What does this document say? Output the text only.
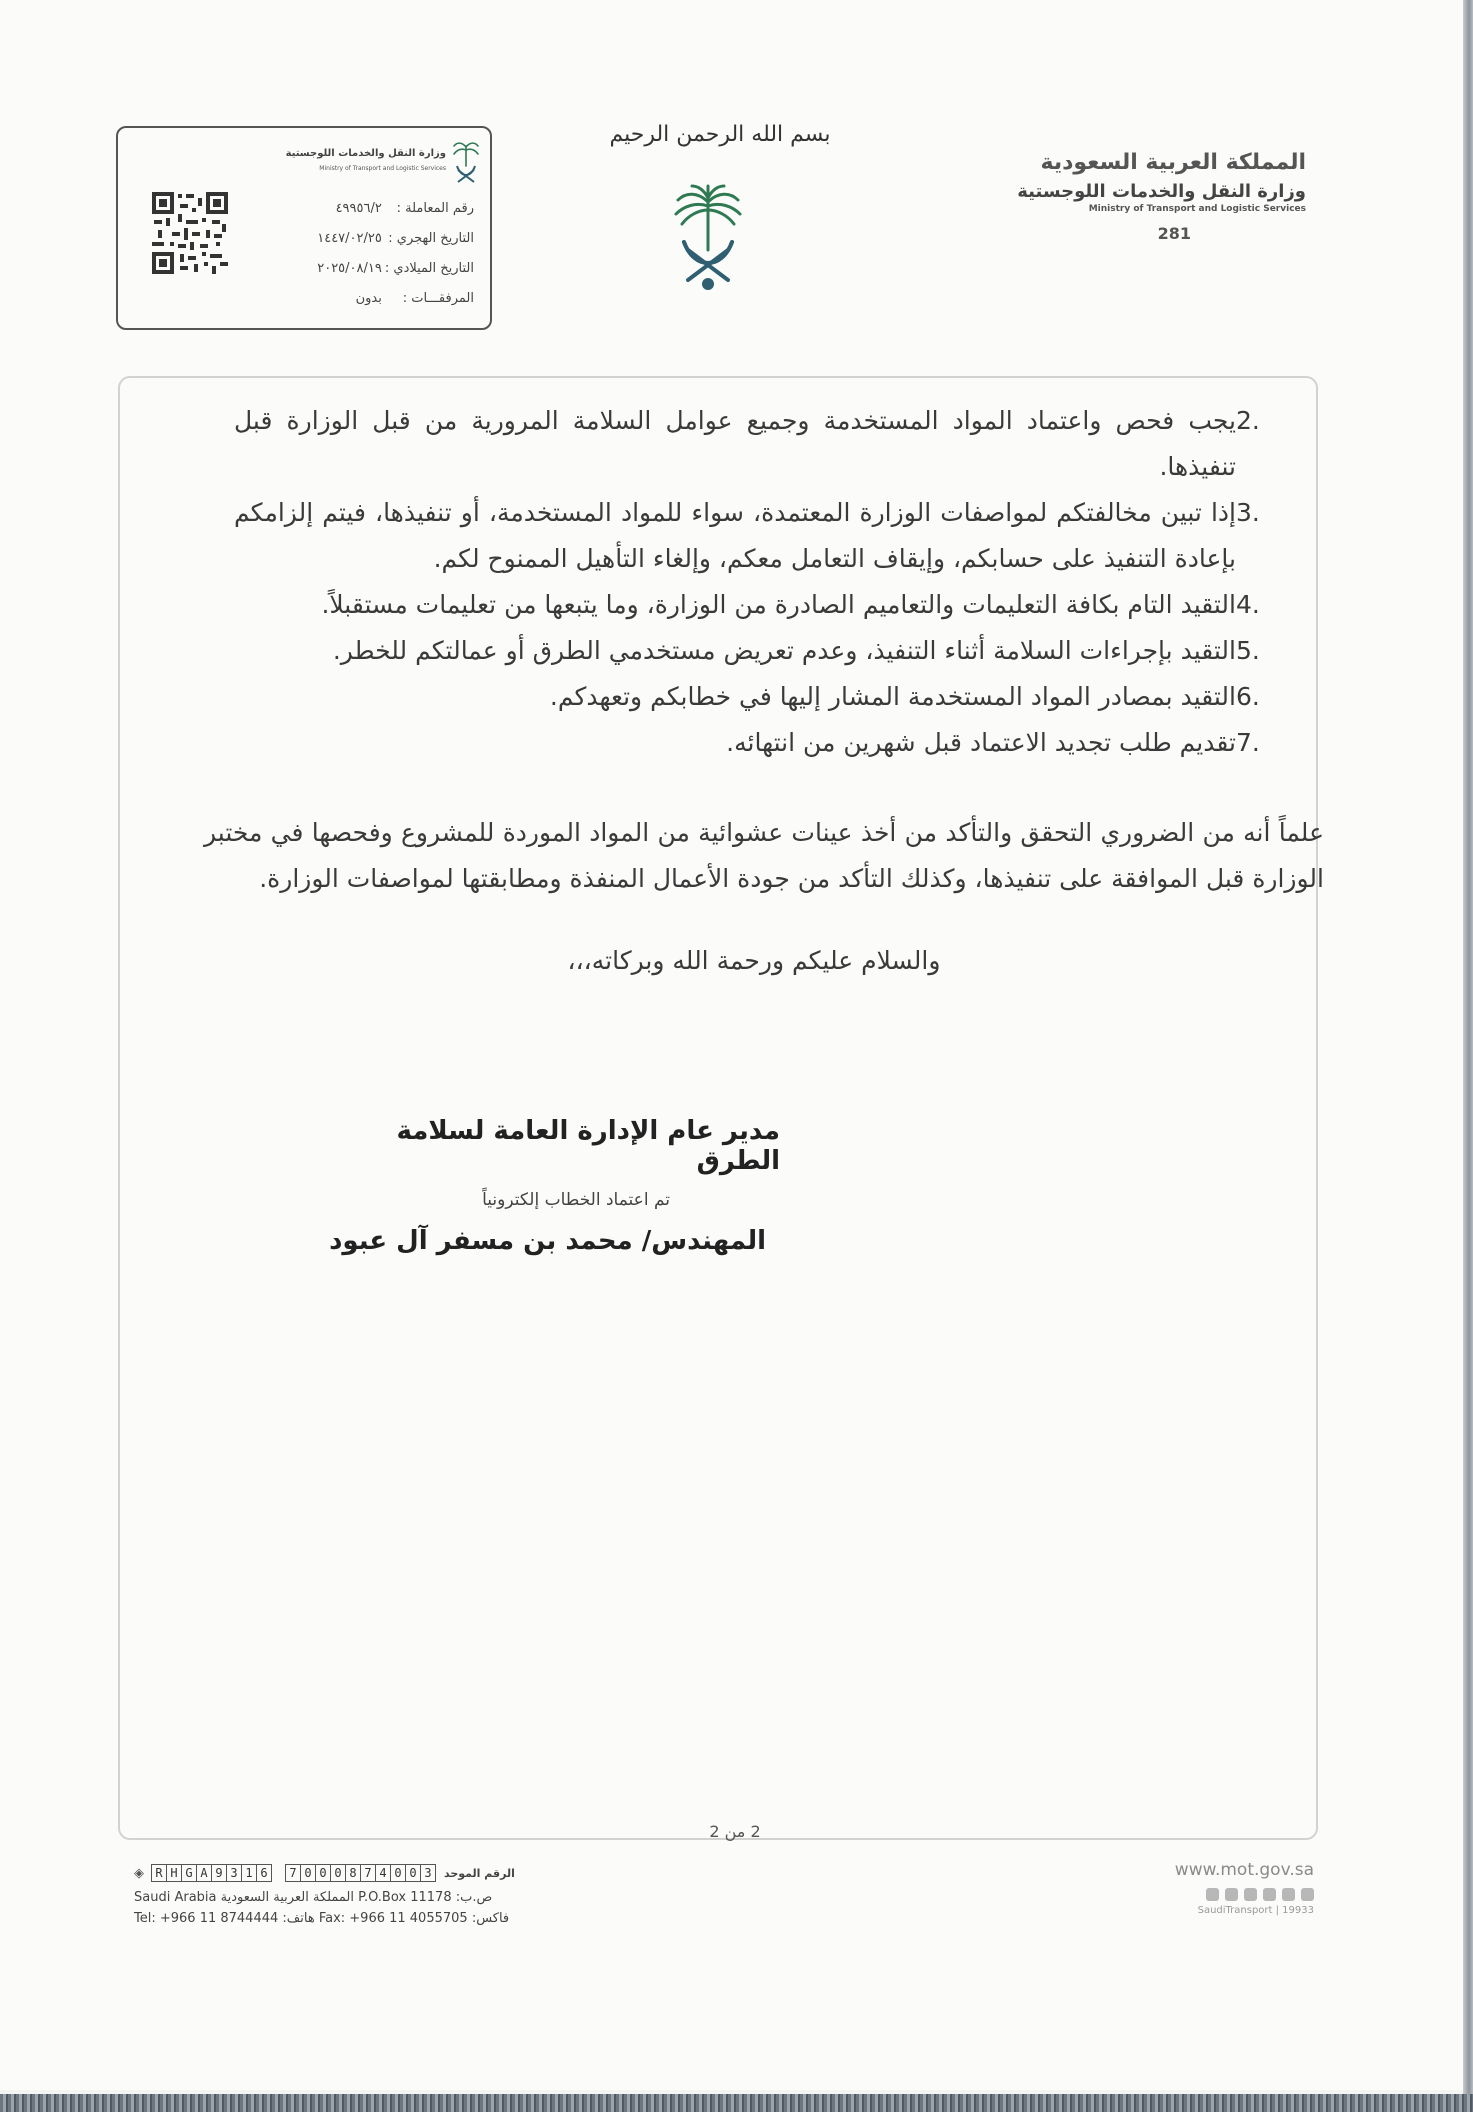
المملكة العربية السعودية
وزارة النقل والخدمات اللوجستية
Ministry of Transport and Logistic Services
281
بسم الله الرحمن الرحيم
وزارة النقل والخدمات اللوجستية
Ministry of Transport and Logistic Services
رقم المعاملة : ٤٩٩٥٦/٢
التاريخ الهجري : ١٤٤٧/٠٢/٢٥
التاريخ الميلادي : ٢٠٢٥/٠٨/١٩
المرفقـــات : بدون
2.
يجب فحص واعتماد المواد المستخدمة وجميع عوامل السلامة المرورية من قبل الوزارة قبل تنفيذها.
3.
إذا تبين مخالفتكم لمواصفات الوزارة المعتمدة، سواء للمواد المستخدمة، أو تنفيذها، فيتم إلزامكم بإعادة التنفيذ على حسابكم، وإيقاف التعامل معكم، وإلغاء التأهيل الممنوح لكم.
4.
التقيد التام بكافة التعليمات والتعاميم الصادرة من الوزارة، وما يتبعها من تعليمات مستقبلاً.
5.
التقيد بإجراءات السلامة أثناء التنفيذ، وعدم تعريض مستخدمي الطرق أو عمالتكم للخطر.
6.
التقيد بمصادر المواد المستخدمة المشار إليها في خطابكم وتعهدكم.
7.
تقديم طلب تجديد الاعتماد قبل شهرين من انتهائه.
علماً أنه من الضروري التحقق والتأكد من أخذ عينات عشوائية من المواد الموردة للمشروع وفحصها في مختبر الوزارة قبل الموافقة على تنفيذها، وكذلك التأكد من جودة الأعمال المنفذة ومطابقتها لمواصفات الوزارة.
والسلام عليكم ورحمة الله وبركاته،،،
مدير عام الإدارة العامة لسلامة الطرق
تم اعتماد الخطاب إلكترونياً
المهندس/ محمد بن مسفر آل عبود
2 من 2
◈ R H G A 9 3 1 6	7 0 0 0 8 7 4 0 0 3	الرقم الموحد
Saudi Arabia المملكة العربية السعودية P.O.Box 11178 :ص.ب
Tel: +966 11 8744444 :هاتف Fax: +966 11 4055705 :فاكس
www.mot.gov.sa
SaudiTransport | 19933
